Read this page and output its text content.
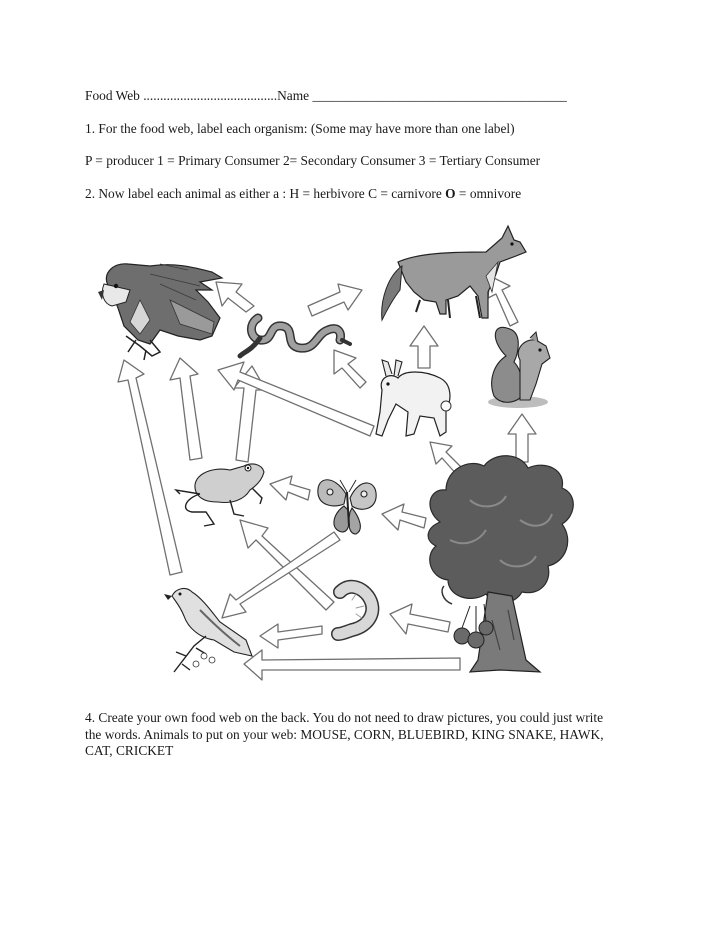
Food Web ........................................Name ______________________________________
1. For the food web, label each organism: (Some may have more than one label)
P = producer 1 = Primary Consumer 2= Secondary Consumer 3 = Tertiary Consumer
2. Now label each animal as either a : H = herbivore C = carnivore O = omnivore
4. Create your own food web on the back. You do not need to draw pictures, you could just write
the words. Animals to put on your web: MOUSE, CORN, BLUEBIRD, KING SNAKE, HAWK,
CAT, CRICKET
